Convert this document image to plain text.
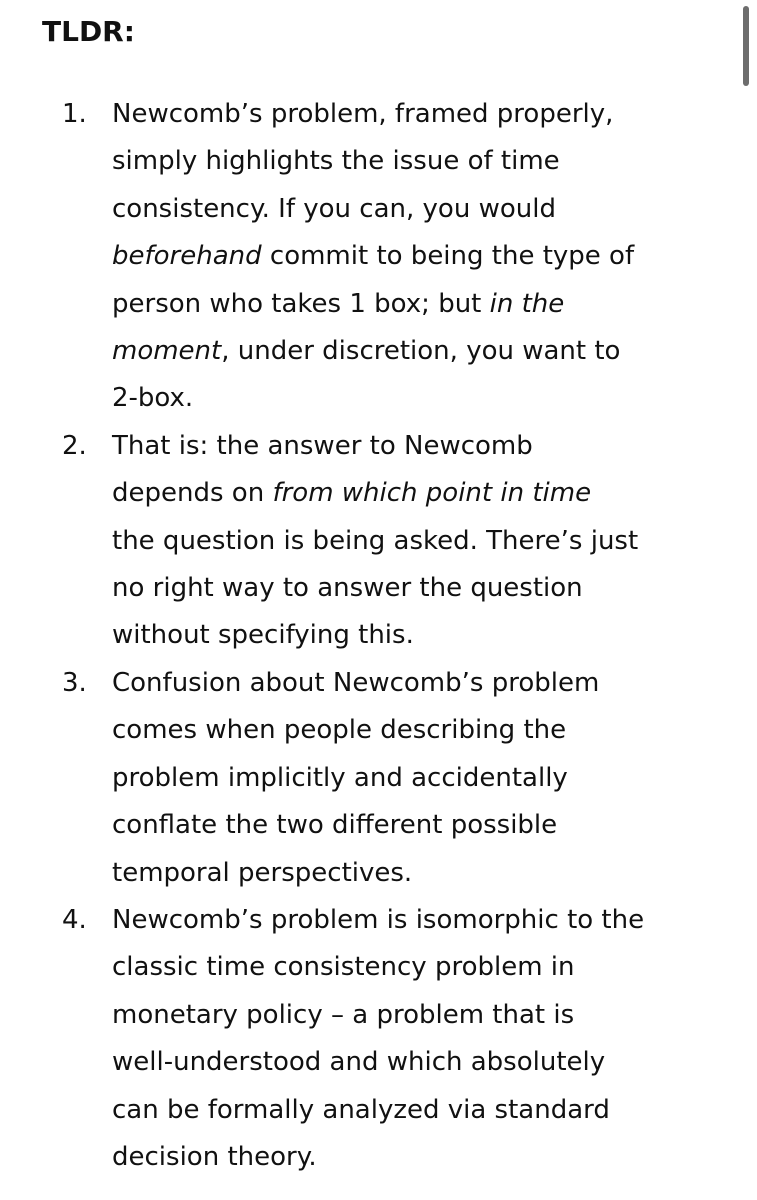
TLDR:
1. Newcomb’s problem, framed properly,
simply highlights the issue of time
consistency. If you can, you would
beforehand commit to being the type of
person who takes 1 box; but in the
moment, under discretion, you want to
2-box.
2. That is: the answer to Newcomb
depends on from which point in time
the question is being asked. There’s just
no right way to answer the question
without specifying this.
3. Confusion about Newcomb’s problem
comes when people describing the
problem implicitly and accidentally
conflate the two different possible
temporal perspectives.
4. Newcomb’s problem is isomorphic to the
classic time consistency problem in
monetary policy – a problem that is
well-understood and which absolutely
can be formally analyzed via standard
decision theory.
